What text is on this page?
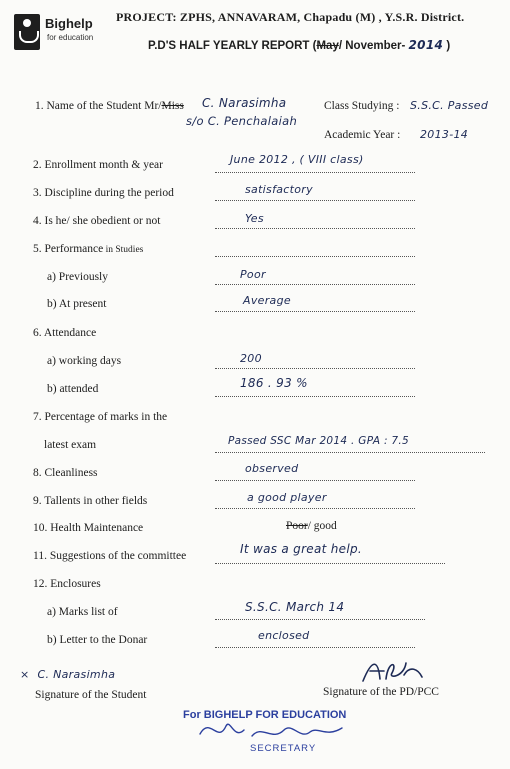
Bighelp
for education
PROJECT: ZPHS, ANNAVARAM, Chapadu (M) , Y.S.R. District.
P.D'S HALF YEARLY REPORT (May/ November- 2014 )
1. Name of the Student Mr/Miss C. Narasimha
s/o C. Penchalaiah
Class Studying : S.S.C. Passed
Academic Year : 2013-14
2. Enrollment month & year	June 2012 , ( VIII class)
3. Discipline during the period	satisfactory
4. Is he/ she obedient or not	Yes
5. Performance in Studies
a) Previously	Poor
b) At present	Average
6. Attendance
a) working days	200
b) attended	186 . 93 %
7. Percentage of marks in the
latest exam	Passed SSC Mar 2014 . GPA : 7.5
8. Cleanliness	observed
9. Tallents in other fields	a good player
10. Health Maintenance	Poor/ good
11. Suggestions of the committee	It was a great help.
12. Enclosures
a) Marks list of	S.S.C. March 14
b) Letter to the Donar	enclosed
× C. Narasimha
Signature of the Student	Signature of the PD/PCC
For BIGHELP FOR EDUCATION
SECRETARY
